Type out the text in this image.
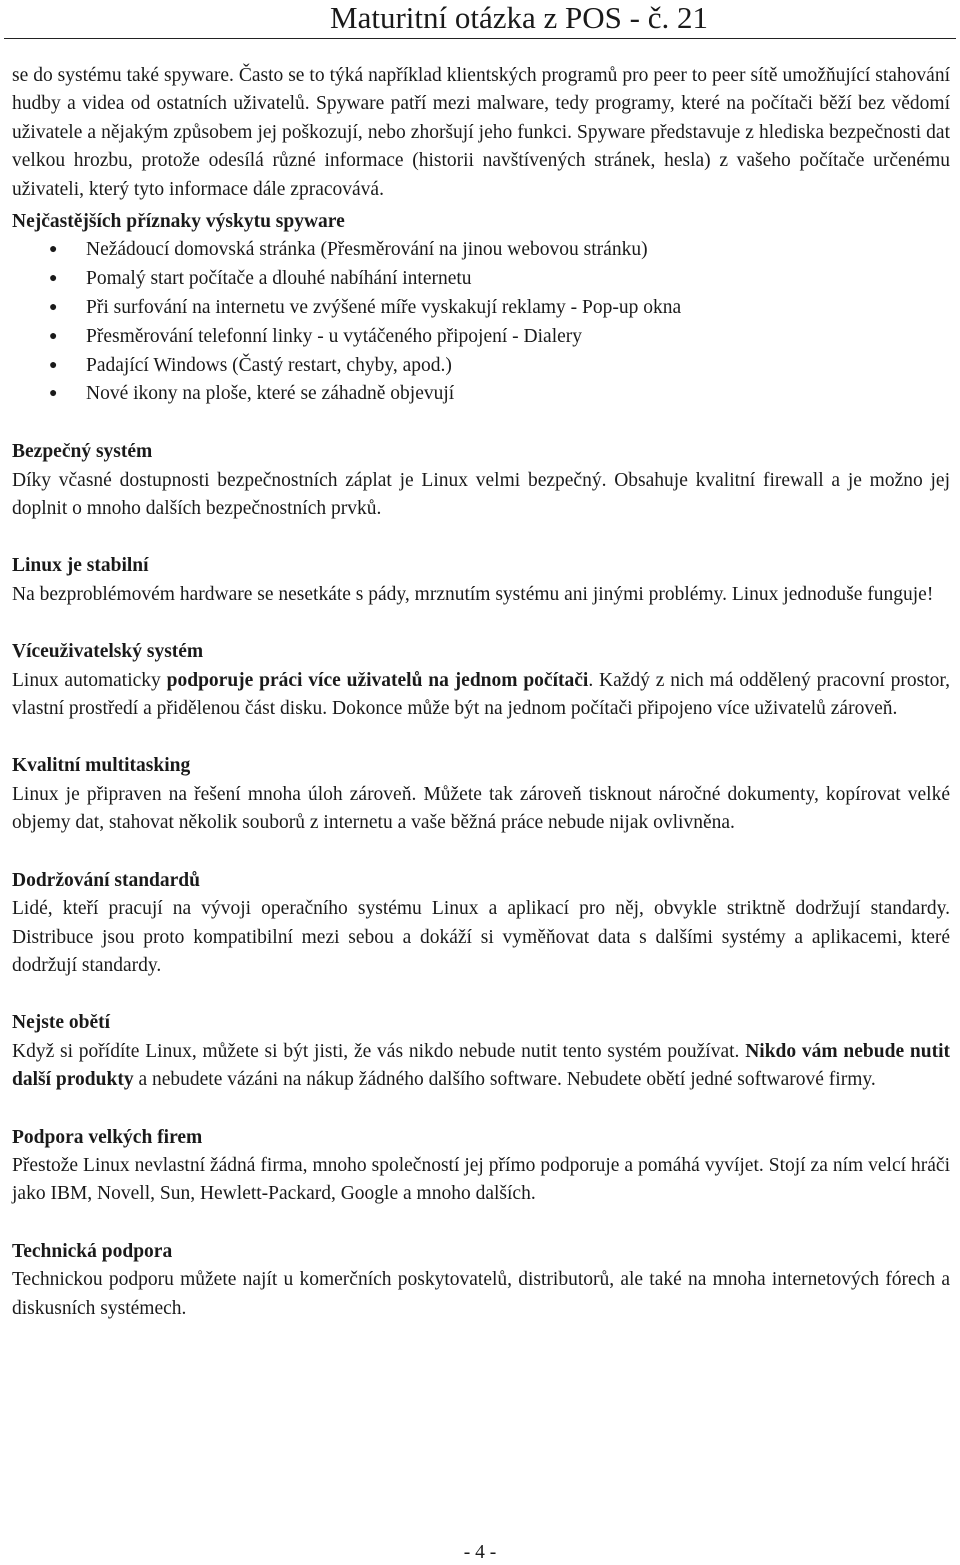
Maturitní otázka z POS - č. 21

se do systému také spyware. Často se to týká například klientských programů pro peer to peer sítě umožňující stahování hudby a videa od ostatních uživatelů. Spyware patří mezi malware, tedy programy, které na počítači běží bez vědomí uživatele a nějakým způsobem jej poškozují, nebo zhoršují jeho funkci. Spyware představuje z hlediska bezpečnosti dat velkou hrozbu, protože odesílá různé informace (historii navštívených stránek, hesla) z vašeho počítače určenému uživateli, který tyto informace dále zpracovává.

Nejčastějších příznaky výskytu spyware

● Nežádoucí domovská stránka (Přesměrování na jinou webovou stránku)
● Pomalý start počítače a dlouhé nabíhání internetu
● Při surfování na internetu ve zvýšené míře vyskakují reklamy - Pop-up okna
● Přesměrování telefonní linky - u vytáčeného připojení - Dialery
● Padající Windows (Častý restart, chyby, apod.)
● Nové ikony na ploše, které se záhadně objevují

Bezpečný systém

Díky včasné dostupnosti bezpečnostních záplat je Linux velmi bezpečný. Obsahuje kvalitní firewall a je možno jej doplnit o mnoho dalších bezpečnostních prvků.

Linux je stabilní

Na bezproblémovém hardware se nesetkáte s pády, mrznutím systému ani jinými problémy. Linux jednoduše funguje!

Víceuživatelský systém

Linux automaticky podporuje práci více uživatelů na jednom počítači. Každý z nich má oddělený pracovní prostor, vlastní prostředí a přidělenou část disku. Dokonce může být na jednom počítači připojeno více uživatelů zároveň.

Kvalitní multitasking

Linux je připraven na řešení mnoha úloh zároveň. Můžete tak zároveň tisknout náročné dokumenty, kopírovat velké objemy dat, stahovat několik souborů z internetu a vaše běžná práce nebude nijak ovlivněna.

Dodržování standardů

Lidé, kteří pracují na vývoji operačního systému Linux a aplikací pro něj, obvykle striktně dodržují standardy. Distribuce jsou proto kompatibilní mezi sebou a dokáží si vyměňovat data s dalšími systémy a aplikacemi, které dodržují standardy.

Nejste obětí

Když si pořídíte Linux, můžete si být jisti, že vás nikdo nebude nutit tento systém používat. Nikdo vám nebude nutit další produkty a nebudete vázáni na nákup žádného dalšího software. Nebudete obětí jedné softwarové firmy.

Podpora velkých firem

Přestože Linux nevlastní žádná firma, mnoho společností jej přímo podporuje a pomáhá vyvíjet. Stojí za ním velcí hráči jako IBM, Novell, Sun, Hewlett-Packard, Google a mnoho dalších.

Technická podpora

Technickou podporu můžete najít u komerčních poskytovatelů, distributorů, ale také na mnoha internetových fórech a diskusních systémech.

- 4 -
